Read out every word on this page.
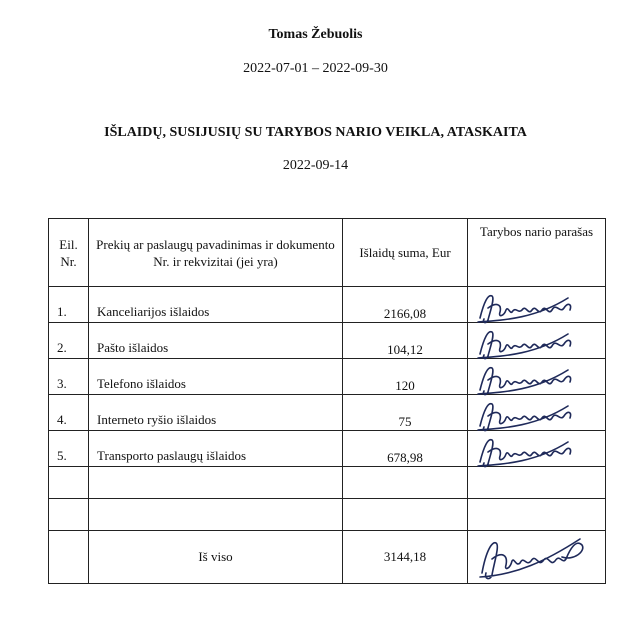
Tomas Žebuolis
2022-07-01 – 2022-09-30
IŠLAIDŲ, SUSIJUSIŲ SU TARYBOS NARIO VEIKLA, ATASKAITA
2022-09-14
Eil. Nr.	Prekių ar paslaugų pavadinimas ir dokumento Nr. ir rekvizitai (jei yra)	Išlaidų suma, Eur	Tarybos nario parašas
1.	Kanceliarijos išlaidos	2166,08	

2.	Pašto išlaidos	104,12	

3.	Telefono išlaidos	120	

4.	Interneto ryšio išlaidos	75	

5.	Transporto paslaugų išlaidos	678,98	

	Iš viso	3144,18	
